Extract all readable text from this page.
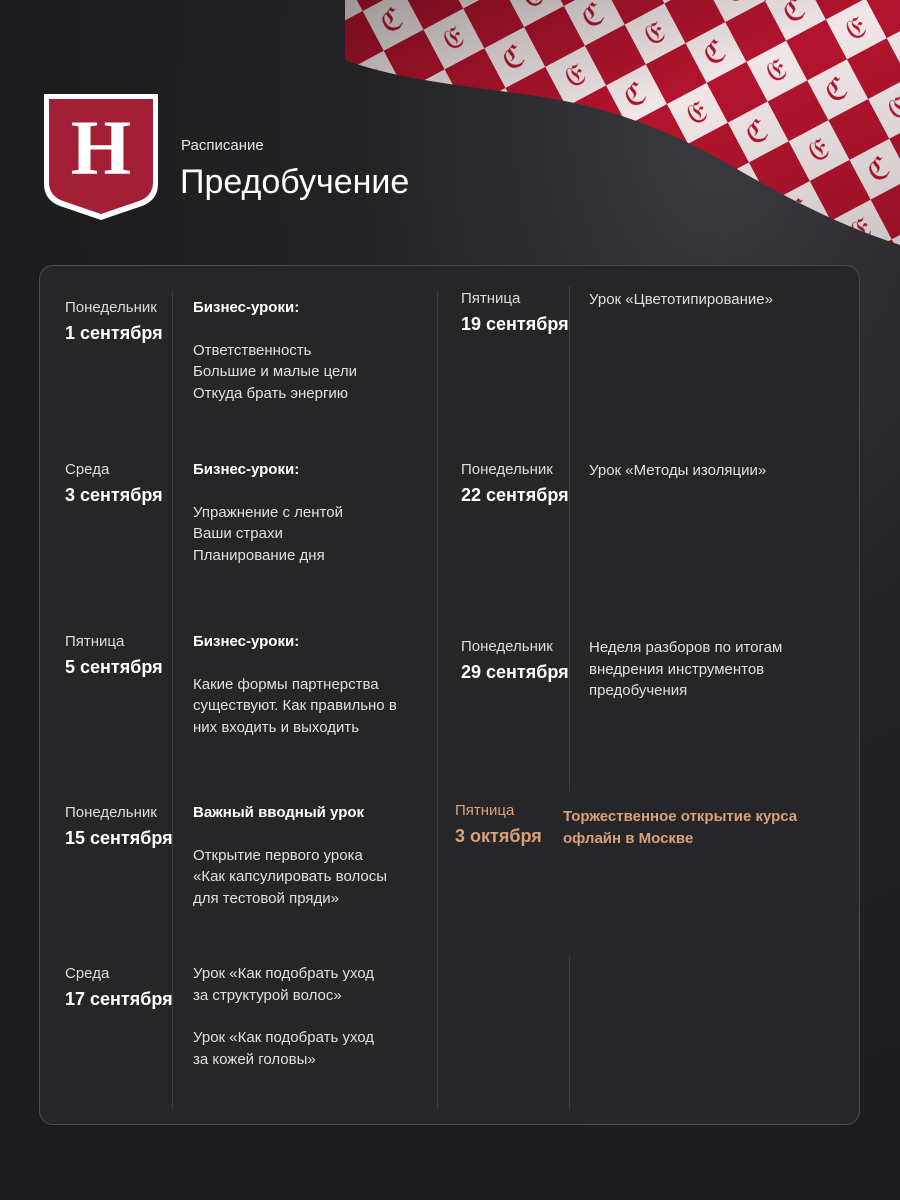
H	Расписание
Предобучение
Понедельник
1 сентября
Бизнес-уроки:
Ответственность
Большие и малые цели
Откуда брать энергию
Среда
3 сентября
Бизнес-уроки:
Упражнение с лентой
Ваши страхи
Планирование дня
Пятница
5 сентября
Бизнес-уроки:
Какие формы партнерства
существуют. Как правильно в
них входить и выходить
Понедельник
15 сентября
Важный вводный урок
Открытие первого урока
«Как капсулировать волосы
для тестовой пряди»
Среда
17 сентября
Урок «Как подобрать уход
за структурой волос»
Урок «Как подобрать уход
за кожей головы»
Пятница
19 сентября
Урок «Цветотипирование»
Понедельник
22 сентября
Урок «Методы изоляции»
Понедельник
29 сентября
Неделя разборов по итогам
внедрения инструментов
предобучения
Пятница
3 октября
Торжественное открытие курса
офлайн в Москве
